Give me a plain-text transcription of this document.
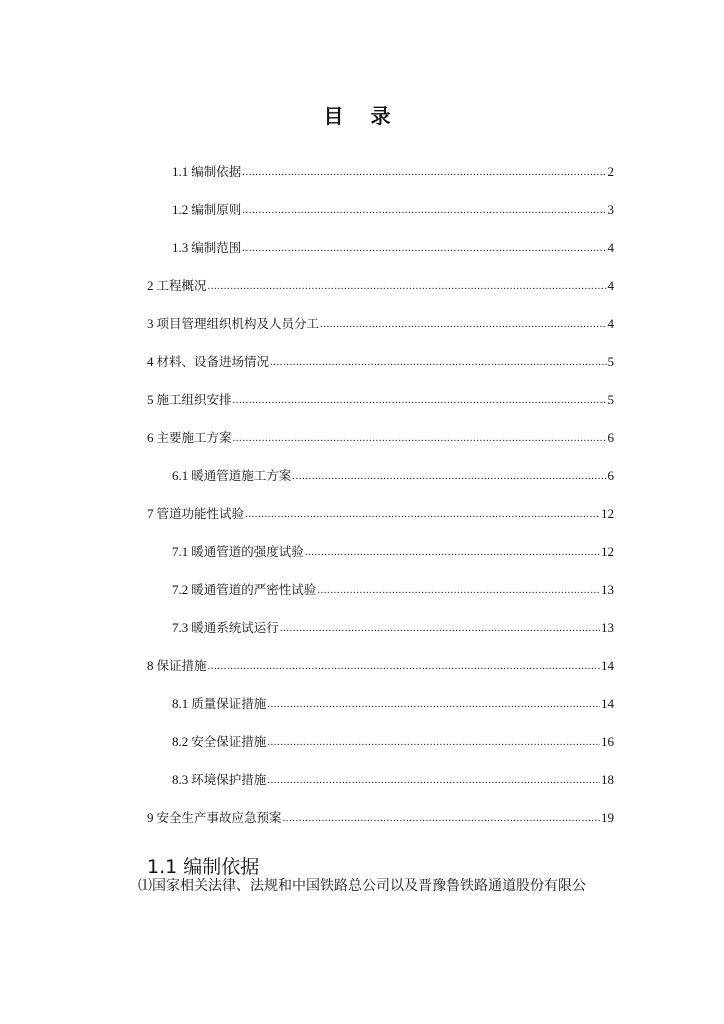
目 录
1.1 编制依据 .....	2
1.2 编制原则 .....	3
1.3 编制范围 .....	4
2 工程概况 .....	4
3 项目管理组织机构及人员分工 .....	4
4 材料、设备进场情况 .....	5
5 施工组织安排 .....	5
6 主要施工方案 .....	6
6.1 暖通管道施工方案 .....	6
7 管道功能性试验 .....	12
7.1 暖通管道的强度试验 .....	12
7.2 暖通管道的严密性试验 .....	13
7.3 暖通系统试运行 .....	13
8 保证措施 .....	14
8.1 质量保证措施 .....	14
8.2 安全保证措施 .....	16
8.3 环境保护措施 .....	18
9 安全生产事故应急预案 .....	19
1.1 编制依据

⑴国家相关法律、法规和中国铁路总公司以及晋豫鲁铁路通道股份有限公
